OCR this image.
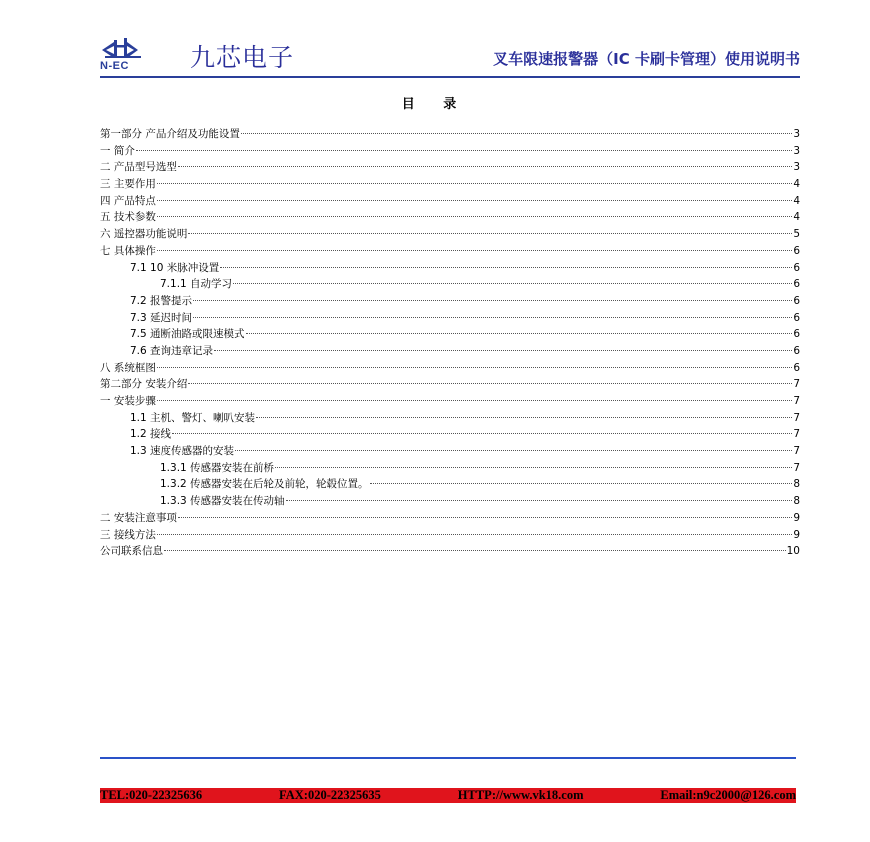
N-EC 九芯电子	叉车限速报警器（IC 卡刷卡管理）使用说明书
目 录
第一部分 产品介绍及功能设置	3
一 简介	3
二 产品型号选型	3
三 主要作用	4
四 产品特点	4
五 技术参数	4
六 遥控器功能说明	5
七 具体操作	6
7.1 10 米脉冲设置	6
7.1.1 自动学习	6
7.2 报警提示	6
7.3 延迟时间	6
7.5 通断油路或限速模式	6
7.6 查询违章记录	6
八 系统框图	6
第二部分 安装介绍	7
一 安装步骤	7
1.1 主机、警灯、喇叭安装	7
1.2 接线	7
1.3 速度传感器的安装	7
1.3.1 传感器安装在前桥	7
1.3.2 传感器安装在后轮及前轮，轮毂位置。	8
1.3.3 传感器安装在传动轴	8
二 安装注意事项	9
三 接线方法	9
公司联系信息	10
TEL:020-22325636	FAX:020-22325635	HTTP://www.vk18.com	Email:n9c2000@126.com
